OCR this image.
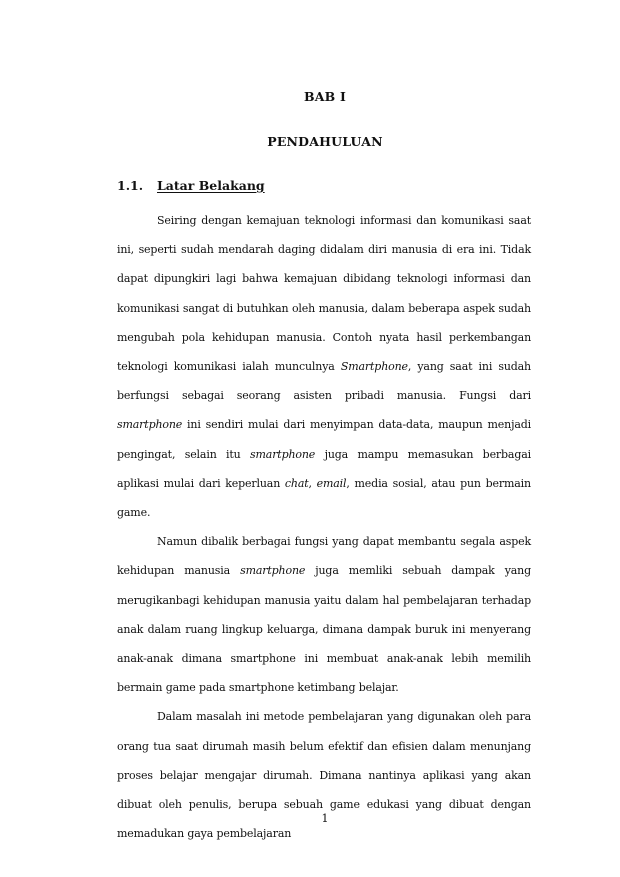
BAB I
PENDAHULUAN
1.1. Latar Belakang

Seiring dengan kemajuan teknologi informasi dan komunikasi saat ini, seperti sudah mendarah daging didalam diri manusia di era ini. Tidak dapat dipungkiri lagi bahwa kemajuan dibidang teknologi informasi dan komunikasi sangat di butuhkan oleh manusia, dalam beberapa aspek sudah mengubah pola kehidupan manusia. Contoh nyata hasil perkembangan teknologi komunikasi ialah munculnya Smartphone, yang saat ini sudah berfungsi sebagai seorang asisten pribadi manusia. Fungsi dari smartphone ini sendiri mulai dari menyimpan data-data, maupun menjadi pengingat, selain itu smartphone juga mampu memasukan berbagai aplikasi mulai dari keperluan chat, email, media sosial, atau pun bermain game.

Namun dibalik berbagai fungsi yang dapat membantu segala aspek kehidupan manusia smartphone juga memliki sebuah dampak yang merugikanbagi kehidupan manusia yaitu dalam hal pembelajaran terhadap anak dalam ruang lingkup keluarga, dimana dampak buruk ini menyerang anak-anak dimana smartphone ini membuat anak-anak lebih memilih bermain game pada smartphone ketimbang belajar.

Dalam masalah ini metode pembelajaran yang digunakan oleh para orang tua saat dirumah masih belum efektif dan efisien dalam menunjang proses belajar mengajar dirumah. Dimana nantinya aplikasi yang akan dibuat oleh penulis, berupa sebuah game edukasi yang dibuat dengan memadukan gaya pembelajaran

1
